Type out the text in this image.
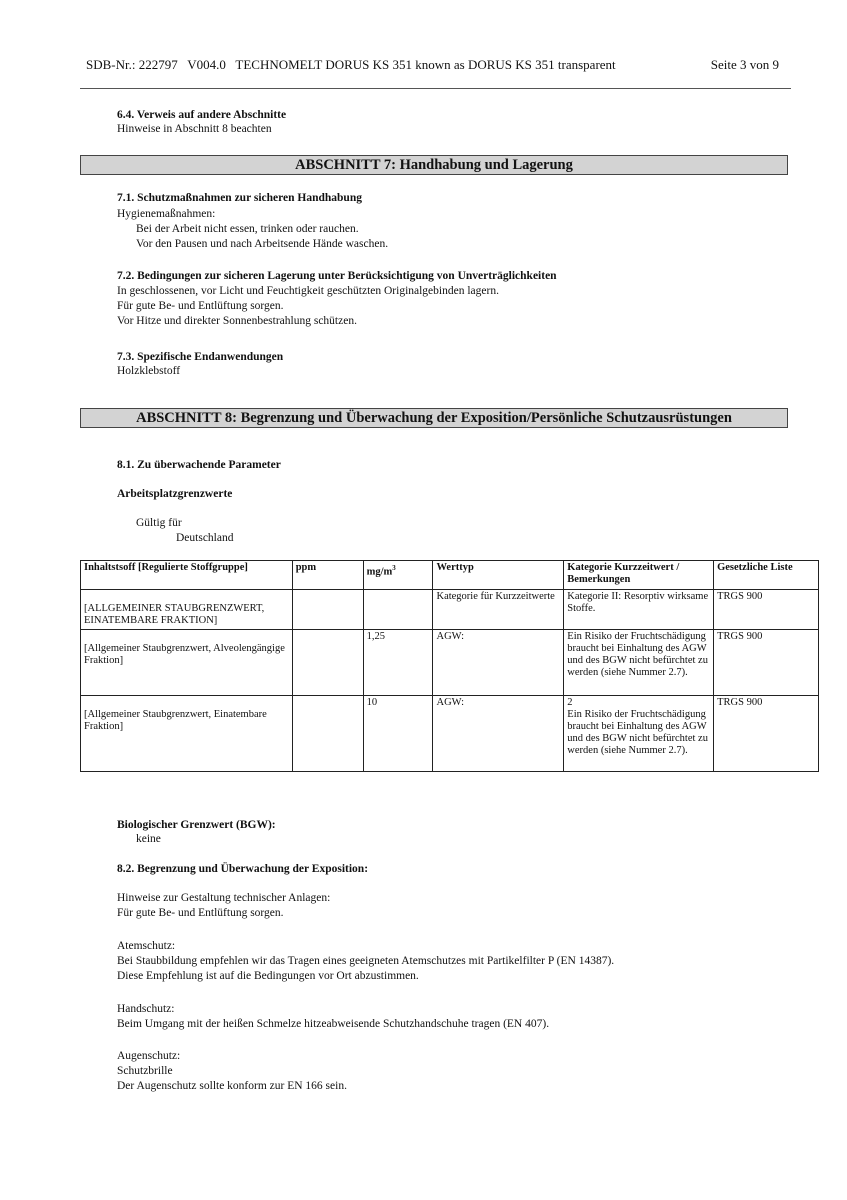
SDB-Nr.: 222797   V004.0   TECHNOMELT DORUS KS 351 known as DORUS KS 351 transparent	Seite 3 von 9
6.4. Verweis auf andere Abschnitte
Hinweise in Abschnitt 8 beachten
ABSCHNITT 7: Handhabung und Lagerung
7.1. Schutzmaßnahmen zur sicheren Handhabung
Hygienemaßnahmen:
Bei der Arbeit nicht essen, trinken oder rauchen.
Vor den Pausen und nach Arbeitsende Hände waschen.
7.2. Bedingungen zur sicheren Lagerung unter Berücksichtigung von Unverträglichkeiten
In geschlossenen, vor Licht und Feuchtigkeit geschützten Originalgebinden lagern.
Für gute Be- und Entlüftung sorgen.
Vor Hitze und direkter Sonnenbestrahlung schützen.
7.3. Spezifische Endanwendungen
Holzklebstoff
ABSCHNITT 8: Begrenzung und Überwachung der Exposition/Persönliche Schutzausrüstungen
8.1. Zu überwachende Parameter
Arbeitsplatzgrenzwerte
Gültig für
Deutschland
Inhaltstsoff [Regulierte Stoffgruppe]	ppm	$mg/m^3$	Werttyp	Kategorie Kurzzeitwert / Bemerkungen	Gesetzliche Liste

[ALLGEMEINER STAUBGRENZWERT, EINATEMBARE FRAKTION]			Kategorie für Kurzzeitwerte	Kategorie II: Resorptiv wirksame Stoffe.	TRGS 900

[Allgemeiner Staubgrenzwert, Alveolengängige Fraktion]		1,25	AGW:	Ein Risiko der Fruchtschädigung braucht bei Einhaltung des AGW und des BGW nicht befürchtet zu werden (siehe Nummer 2.7).	TRGS 900

[Allgemeiner Staubgrenzwert, Einatembare Fraktion]		10	AGW:	2
Ein Risiko der Fruchtschädigung braucht bei Einhaltung des AGW und des BGW nicht befürchtet zu werden (siehe Nummer 2.7).	TRGS 900
Biologischer Grenzwert (BGW):
keine
8.2. Begrenzung und Überwachung der Exposition:
Hinweise zur Gestaltung technischer Anlagen:
Für gute Be- und Entlüftung sorgen.
Atemschutz:
Bei Staubbildung empfehlen wir das Tragen eines geeigneten Atemschutzes mit Partikelfilter P (EN 14387).
Diese Empfehlung ist auf die Bedingungen vor Ort abzustimmen.
Handschutz:
Beim Umgang mit der heißen Schmelze hitzeabweisende Schutzhandschuhe tragen (EN 407).
Augenschutz:
Schutzbrille
Der Augenschutz sollte konform zur EN 166 sein.
